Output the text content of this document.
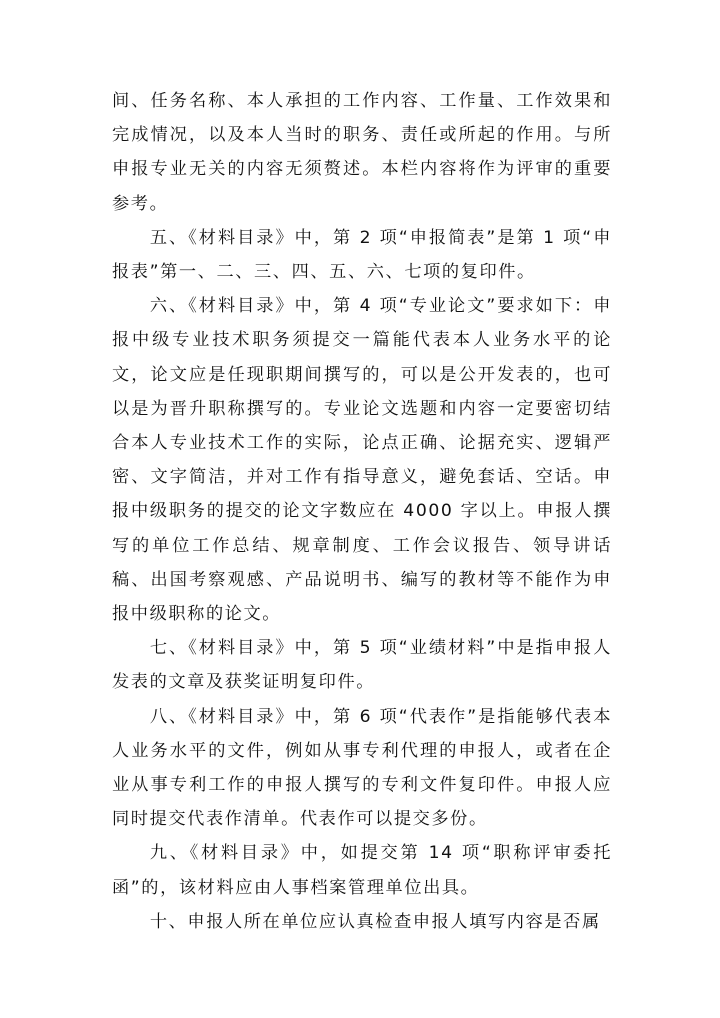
间、任务名称、本人承担的工作内容、工作量、工作效果和完成情况，以及本人当时的职务、责任或所起的作用。与所申报专业无关的内容无须赘述。本栏内容将作为评审的重要参考。

五、《材料目录》中，第 2 项“申报简表”是第 1 项“申报表”第一、二、三、四、五、六、七项的复印件。

六、《材料目录》中，第 4 项“专业论文”要求如下：申报中级专业技术职务须提交一篇能代表本人业务水平的论文，论文应是任现职期间撰写的，可以是公开发表的，也可以是为晋升职称撰写的。专业论文选题和内容一定要密切结合本人专业技术工作的实际，论点正确、论据充实、逻辑严密、文字简洁，并对工作有指导意义，避免套话、空话。申报中级职务的提交的论文字数应在 4000 字以上。申报人撰写的单位工作总结、规章制度、工作会议报告、领导讲话稿、出国考察观感、产品说明书、编写的教材等不能作为申报中级职称的论文。

七、《材料目录》中，第 5 项“业绩材料”中是指申报人发表的文章及获奖证明复印件。

八、《材料目录》中，第 6 项“代表作”是指能够代表本人业务水平的文件，例如从事专利代理的申报人，或者在企业从事专利工作的申报人撰写的专利文件复印件。申报人应同时提交代表作清单。代表作可以提交多份。

九、《材料目录》中，如提交第 14 项“职称评审委托函”的，该材料应由人事档案管理单位出具。

十、申报人所在单位应认真检查申报人填写内容是否属
